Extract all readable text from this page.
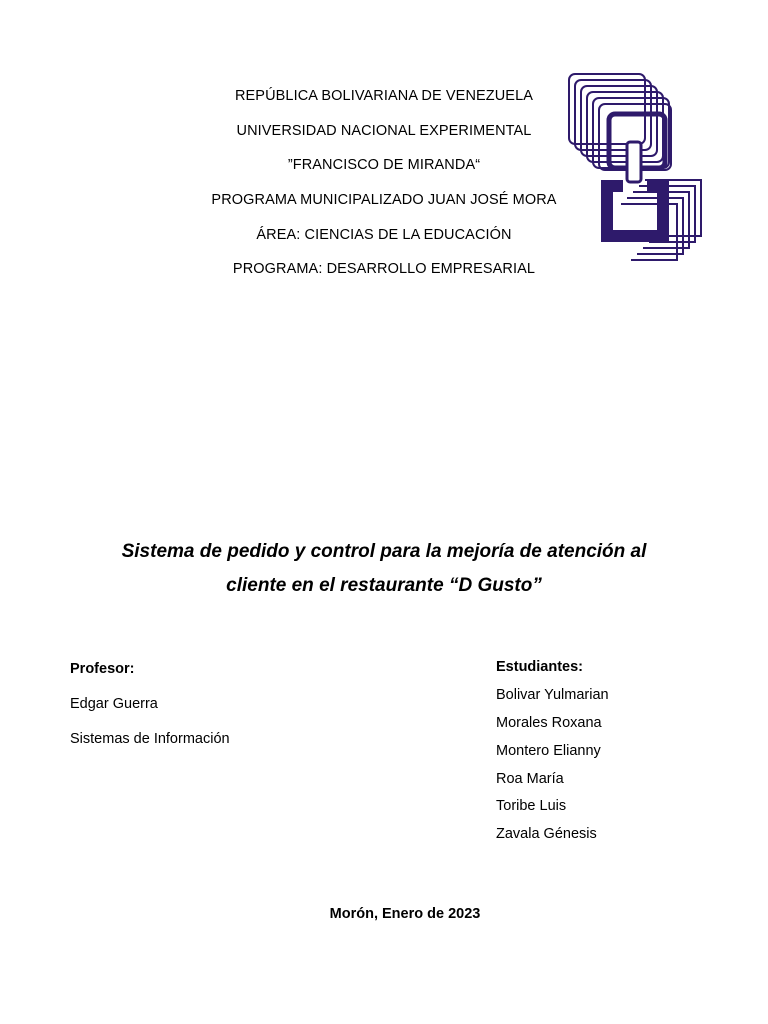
REPÚBLICA BOLIVARIANA DE VENEZUELA
UNIVERSIDAD NACIONAL EXPERIMENTAL
”FRANCISCO DE MIRANDA“
PROGRAMA MUNICIPALIZADO JUAN JOSÉ MORA
ÁREA: CIENCIAS DE LA EDUCACIÓN
PROGRAMA: DESARROLLO EMPRESARIAL
Sistema de pedido y control para la mejoría de atención al
cliente en el restaurante “D Gusto”
Profesor:
Edgar Guerra
Sistemas de Información
Estudiantes:
Bolivar Yulmarian
Morales Roxana
Montero Elianny
Roa María
Toribe Luis
Zavala Génesis
Morón, Enero de 2023
